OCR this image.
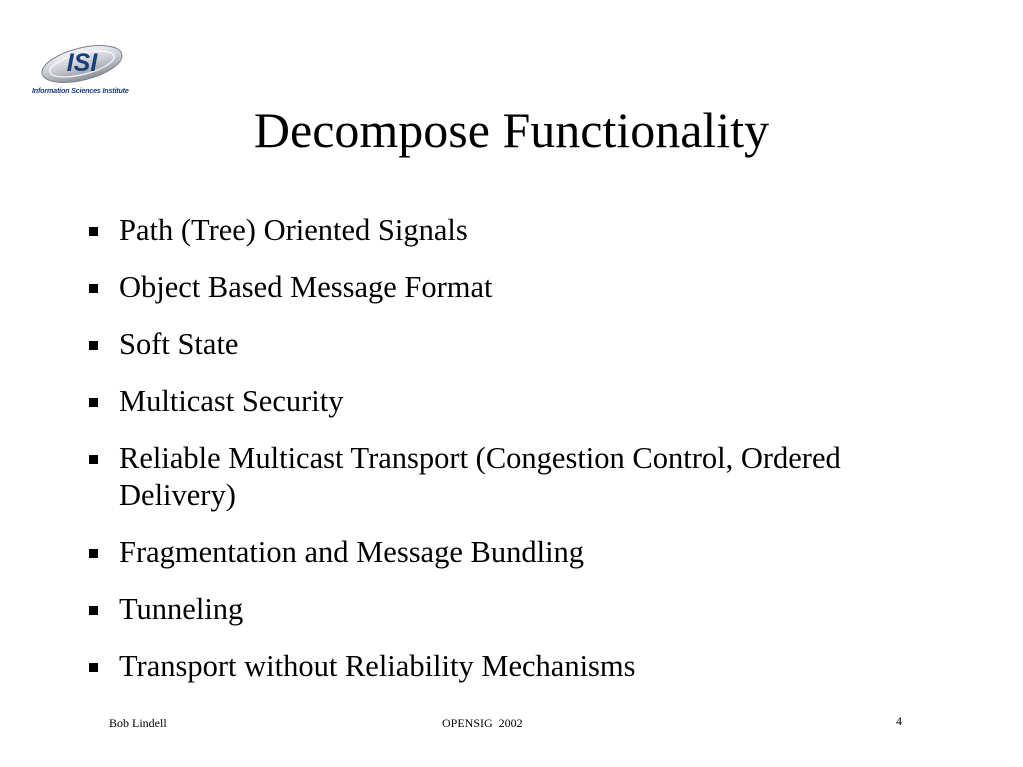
ISI
Information Sciences Institute
Decompose Functionality
Path (Tree) Oriented Signals
Object Based Message Format
Soft State
Multicast Security
Reliable Multicast Transport (Congestion Control, Ordered Delivery)
Fragmentation and Message Bundling
Tunneling
Transport without Reliability Mechanisms
Bob Lindell	OPENSIG  2002	4
